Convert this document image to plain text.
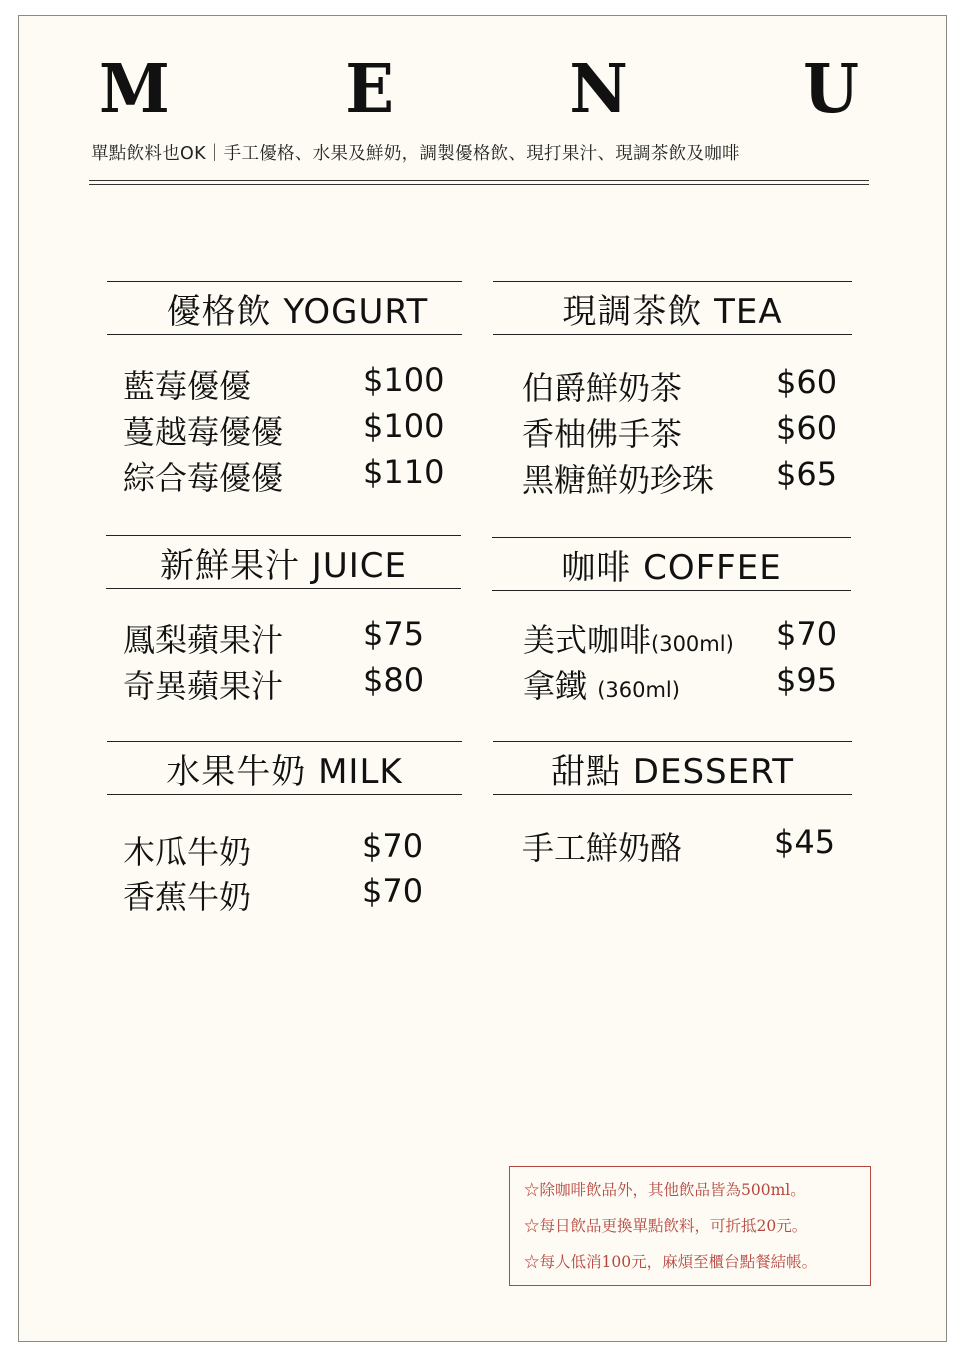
M	E	N	U
單點飲料也OK｜手工優格、水果及鮮奶，調製優格飲、現打果汁、現調茶飲及咖啡
優格飲 YOGURT
藍莓優優	$100
蔓越莓優優 $100
綜合莓優優 $110
現調茶飲 TEA
伯爵鮮奶茶	$60
香柚佛手茶	$60
黑糖鮮奶珍珠 $65
新鮮果汁 JUICE
鳳梨蘋果汁 $75
奇異蘋果汁 $80
咖啡 COFFEE
美式咖啡(300ml) $70
拿鐵 (360ml)	$95
水果牛奶 MILK
木瓜牛奶	$70
香蕉牛奶	$70
甜點 DESSERT
手工鮮奶酪	$45
☆除咖啡飲品外，其他飲品皆為500ml。
☆每日飲品更換單點飲料，可折抵20元。
☆每人低消100元，麻煩至櫃台點餐結帳。
